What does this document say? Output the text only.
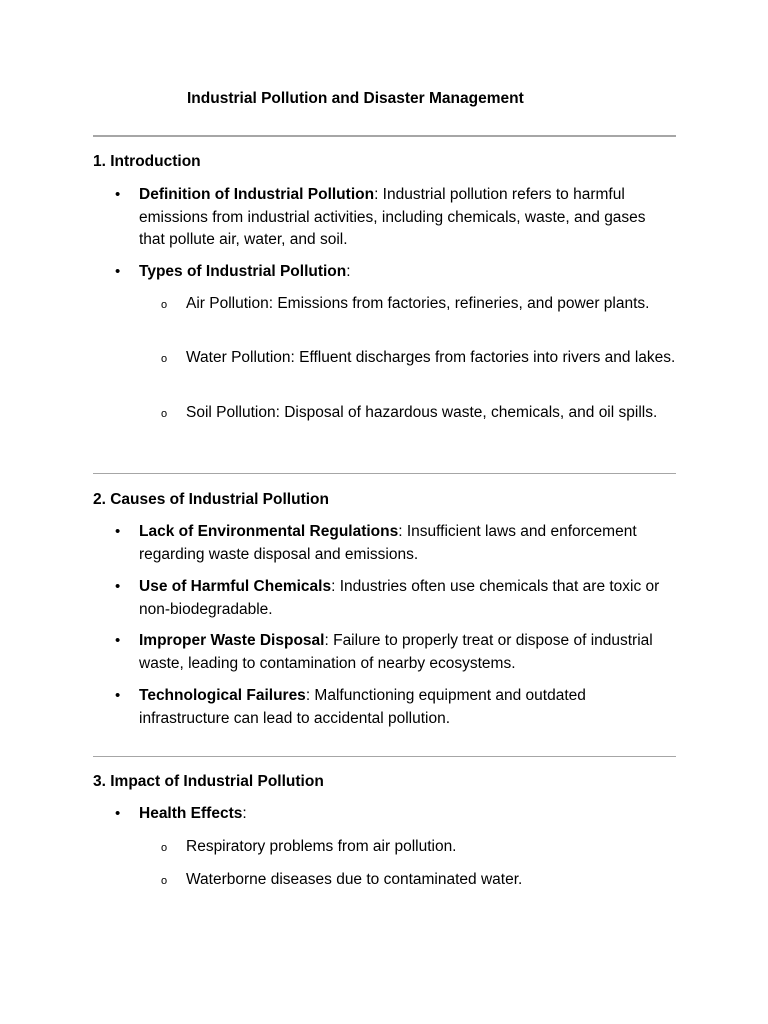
Industrial Pollution and Disaster Management
1. Introduction
• Definition of Industrial Pollution: Industrial pollution refers to harmful emissions from industrial activities, including chemicals, waste, and gases that pollute air, water, and soil.
• Types of Industrial Pollution:
o Air Pollution: Emissions from factories, refineries, and power plants.
o Water Pollution: Effluent discharges from factories into rivers and lakes.
o Soil Pollution: Disposal of hazardous waste, chemicals, and oil spills.
2. Causes of Industrial Pollution
• Lack of Environmental Regulations: Insufficient laws and enforcement regarding waste disposal and emissions.
• Use of Harmful Chemicals: Industries often use chemicals that are toxic or non-biodegradable.
• Improper Waste Disposal: Failure to properly treat or dispose of industrial waste, leading to contamination of nearby ecosystems.
• Technological Failures: Malfunctioning equipment and outdated infrastructure can lead to accidental pollution.
3. Impact of Industrial Pollution
• Health Effects:
o Respiratory problems from air pollution.
o Waterborne diseases due to contaminated water.
